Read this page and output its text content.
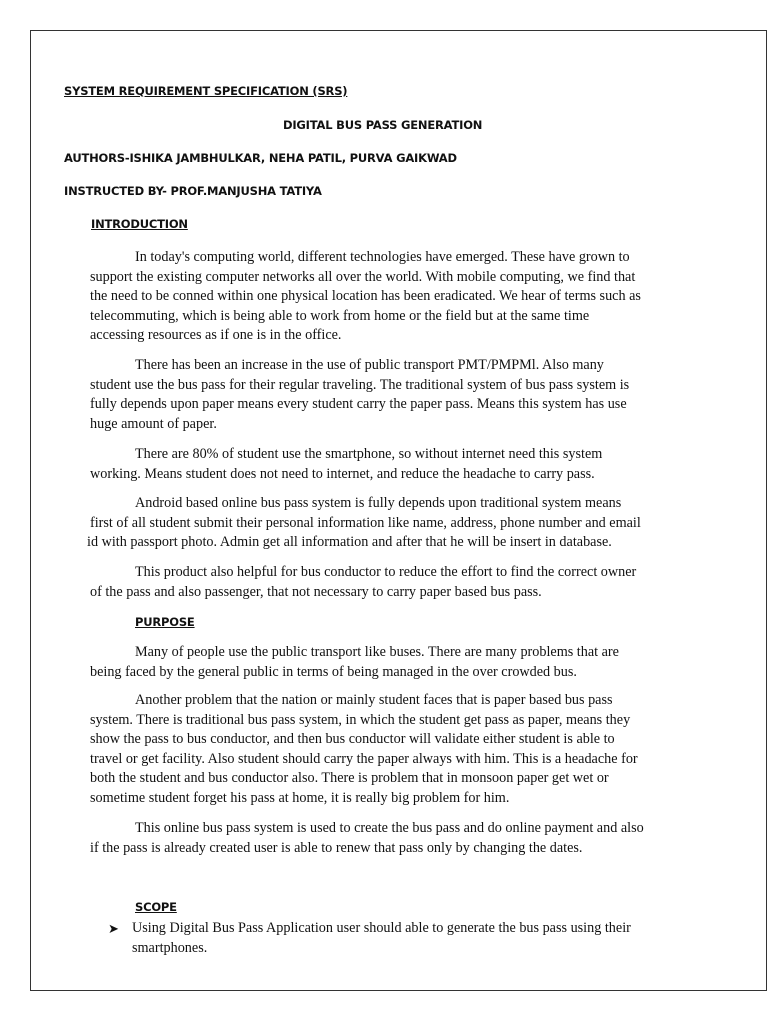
SYSTEM REQUIREMENT SPECIFICATION (SRS)
DIGITAL BUS PASS GENERATION
AUTHORS-ISHIKA JAMBHULKAR, NEHA PATIL, PURVA GAIKWAD
INSTRUCTED BY- PROF.MANJUSHA TATIYA
INTRODUCTION
In today's computing world, different technologies have emerged. These have grown to
support the existing computer networks all over the world. With mobile computing, we find that
the need to be conned within one physical location has been eradicated. We hear of terms such as
telecommuting, which is being able to work from home or the field but at the same time
accessing resources as if one is in the office.
There has been an increase in the use of public transport PMT/PMPMl. Also many
student use the bus pass for their regular traveling. The traditional system of bus pass system is
fully depends upon paper means every student carry the paper pass. Means this system has use
huge amount of paper.
There are 80% of student use the smartphone, so without internet need this system
working. Means student does not need to internet, and reduce the headache to carry pass.
Android based online bus pass system is fully depends upon traditional system means
first of all student submit their personal information like name, address, phone number and email
id with passport photo. Admin get all information and after that he will be insert in database.
This product also helpful for bus conductor to reduce the effort to find the correct owner
of the pass and also passenger, that not necessary to carry paper based bus pass.
PURPOSE
Many of people use the public transport like buses. There are many problems that are
being faced by the general public in terms of being managed in the over crowded bus.
Another problem that the nation or mainly student faces that is paper based bus pass
system. There is traditional bus pass system, in which the student get pass as paper, means they
show the pass to bus conductor, and then bus conductor will validate either student is able to
travel or get facility. Also student should carry the paper always with him. This is a headache for
both the student and bus conductor also. There is problem that in monsoon paper get wet or
sometime student forget his pass at home, it is really big problem for him.
This online bus pass system is used to create the bus pass and do online payment and also
if the pass is already created user is able to renew that pass only by changing the dates.
SCOPE
➤ Using Digital Bus Pass Application user should able to generate the bus pass using their
smartphones.
